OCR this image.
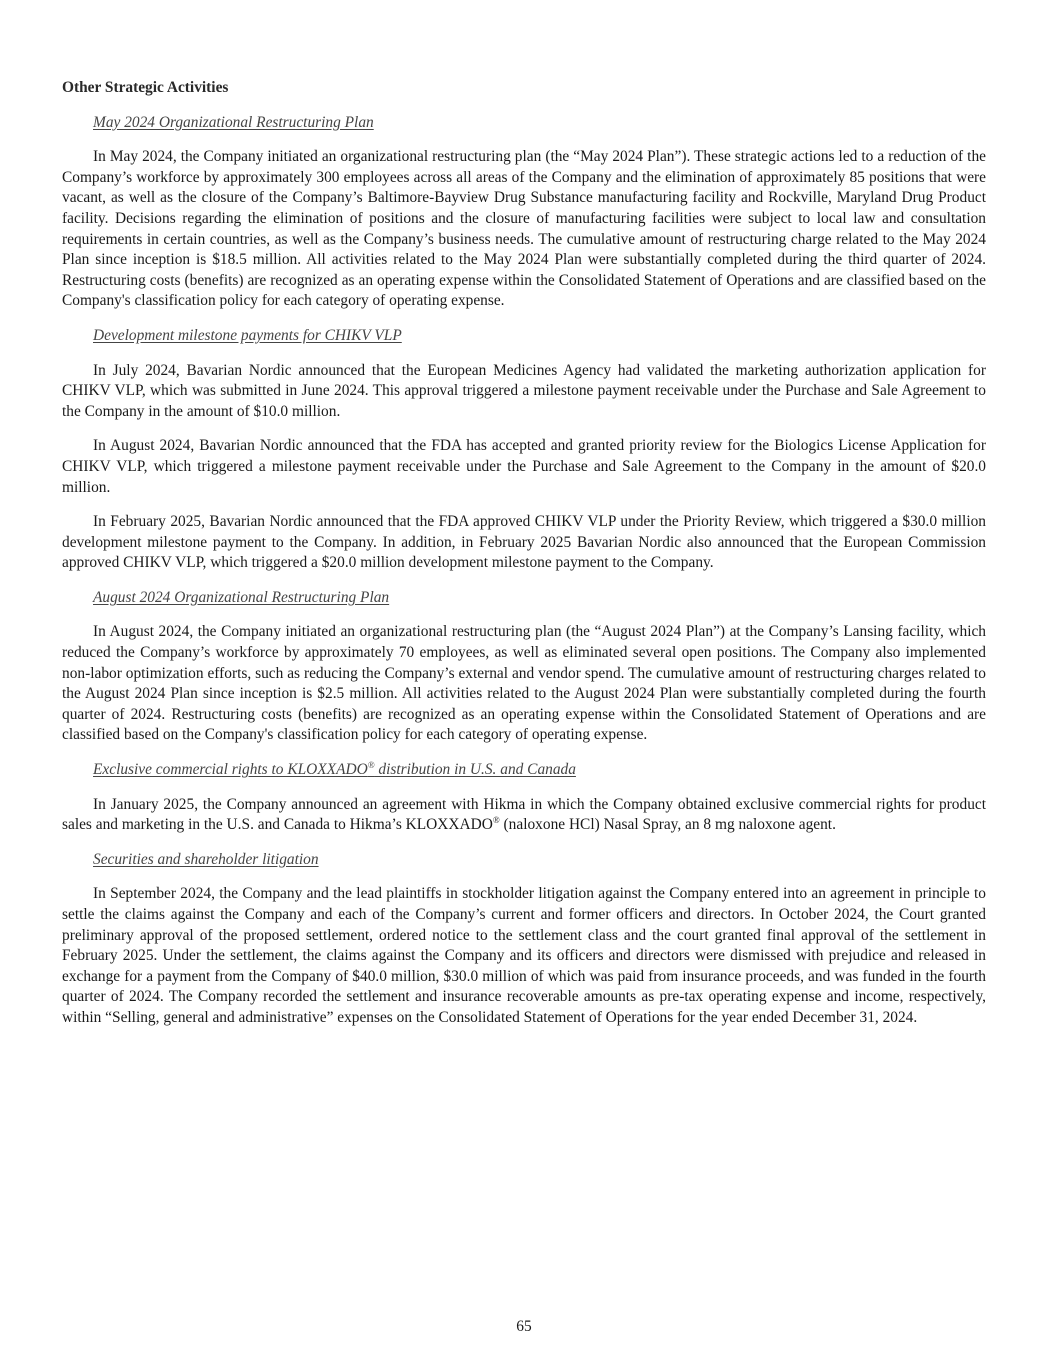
Other Strategic Activities

May 2024 Organizational Restructuring Plan

In May 2024, the Company initiated an organizational restructuring plan (the “May 2024 Plan”). These strategic actions led to a reduction of the Company’s workforce by approximately 300 employees across all areas of the Company and the elimination of approximately 85 positions that were vacant, as well as the closure of the Company’s Baltimore-Bayview Drug Substance manufacturing facility and Rockville, Maryland Drug Product facility. Decisions regarding the elimination of positions and the closure of manufacturing facilities were subject to local law and consultation requirements in certain countries, as well as the Company’s business needs. The cumulative amount of restructuring charge related to the May 2024 Plan since inception is $18.5 million. All activities related to the May 2024 Plan were substantially completed during the third quarter of 2024. Restructuring costs (benefits) are recognized as an operating expense within the Consolidated Statement of Operations and are classified based on the Company's classification policy for each category of operating expense.

Development milestone payments for CHIKV VLP

In July 2024, Bavarian Nordic announced that the European Medicines Agency had validated the marketing authorization application for CHIKV VLP, which was submitted in June 2024. This approval triggered a milestone payment receivable under the Purchase and Sale Agreement to the Company in the amount of $10.0 million.

In August 2024, Bavarian Nordic announced that the FDA has accepted and granted priority review for the Biologics License Application for CHIKV VLP, which triggered a milestone payment receivable under the Purchase and Sale Agreement to the Company in the amount of $20.0 million.

In February 2025, Bavarian Nordic announced that the FDA approved CHIKV VLP under the Priority Review, which triggered a $30.0 million development milestone payment to the Company. In addition, in February 2025 Bavarian Nordic also announced that the European Commission approved CHIKV VLP, which triggered a $20.0 million development milestone payment to the Company.

August 2024 Organizational Restructuring Plan

In August 2024, the Company initiated an organizational restructuring plan (the “August 2024 Plan”) at the Company’s Lansing facility, which reduced the Company’s workforce by approximately 70 employees, as well as eliminated several open positions. The Company also implemented non-labor optimization efforts, such as reducing the Company’s external and vendor spend. The cumulative amount of restructuring charges related to the August 2024 Plan since inception is $2.5 million. All activities related to the August 2024 Plan were substantially completed during the fourth quarter of 2024. Restructuring costs (benefits) are recognized as an operating expense within the Consolidated Statement of Operations and are classified based on the Company's classification policy for each category of operating expense.

Exclusive commercial rights to KLOXXADO® distribution in U.S. and Canada

In January 2025, the Company announced an agreement with Hikma in which the Company obtained exclusive commercial rights for product sales and marketing in the U.S. and Canada to Hikma’s KLOXXADO® (naloxone HCl) Nasal Spray, an 8 mg naloxone agent.

Securities and shareholder litigation

In September 2024, the Company and the lead plaintiffs in stockholder litigation against the Company entered into an agreement in principle to settle the claims against the Company and each of the Company’s current and former officers and directors. In October 2024, the Court granted preliminary approval of the proposed settlement, ordered notice to the settlement class and the court granted final approval of the settlement in February 2025. Under the settlement, the claims against the Company and its officers and directors were dismissed with prejudice and released in exchange for a payment from the Company of $40.0 million, $30.0 million of which was paid from insurance proceeds, and was funded in the fourth quarter of 2024. The Company recorded the settlement and insurance recoverable amounts as pre-tax operating expense and income, respectively, within “Selling, general and administrative” expenses on the Consolidated Statement of Operations for the year ended December 31, 2024.

65
